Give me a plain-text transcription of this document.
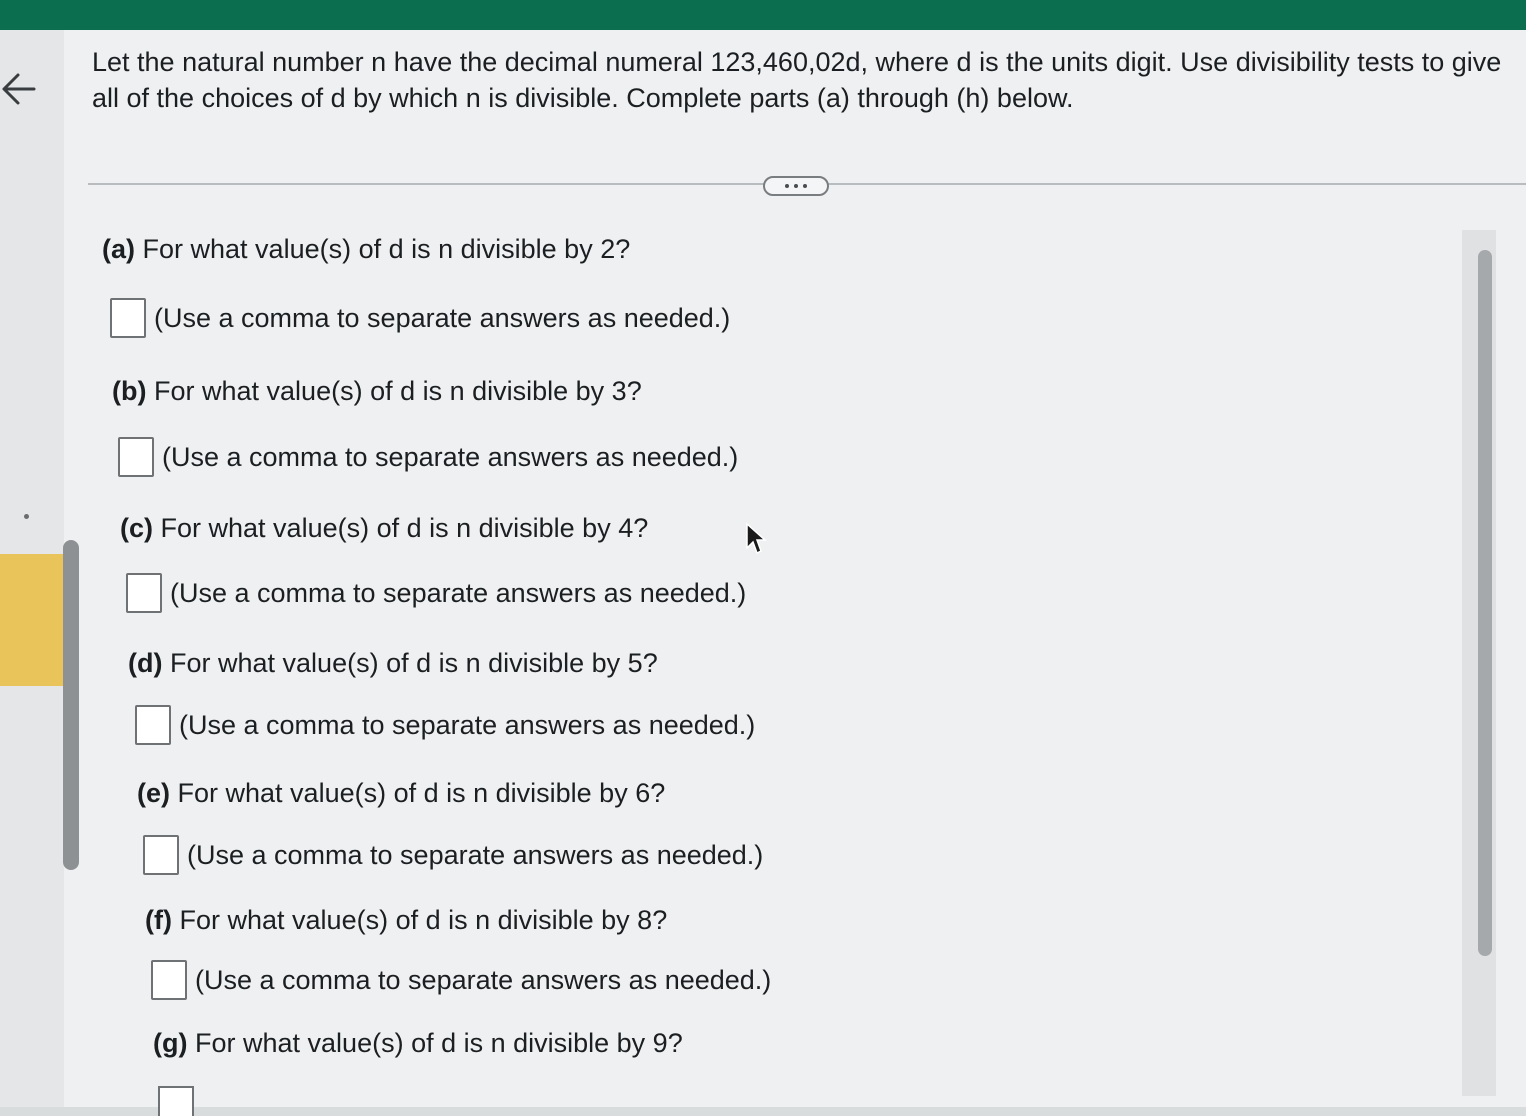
Let the natural number n have the decimal numeral 123,460,02d, where d is the units digit. Use divisibility tests to give all of the choices of d by which n is divisible. Complete parts (a) through (h) below.

(a) For what value(s) of d is n divisible by 2?

(Use a comma to separate answers as needed.)

(b) For what value(s) of d is n divisible by 3?

(Use a comma to separate answers as needed.)

(c) For what value(s) of d is n divisible by 4?

(Use a comma to separate answers as needed.)

(d) For what value(s) of d is n divisible by 5?

(Use a comma to separate answers as needed.)

(e) For what value(s) of d is n divisible by 6?

(Use a comma to separate answers as needed.)

(f) For what value(s) of d is n divisible by 8?

(Use a comma to separate answers as needed.)

(g) For what value(s) of d is n divisible by 9?
